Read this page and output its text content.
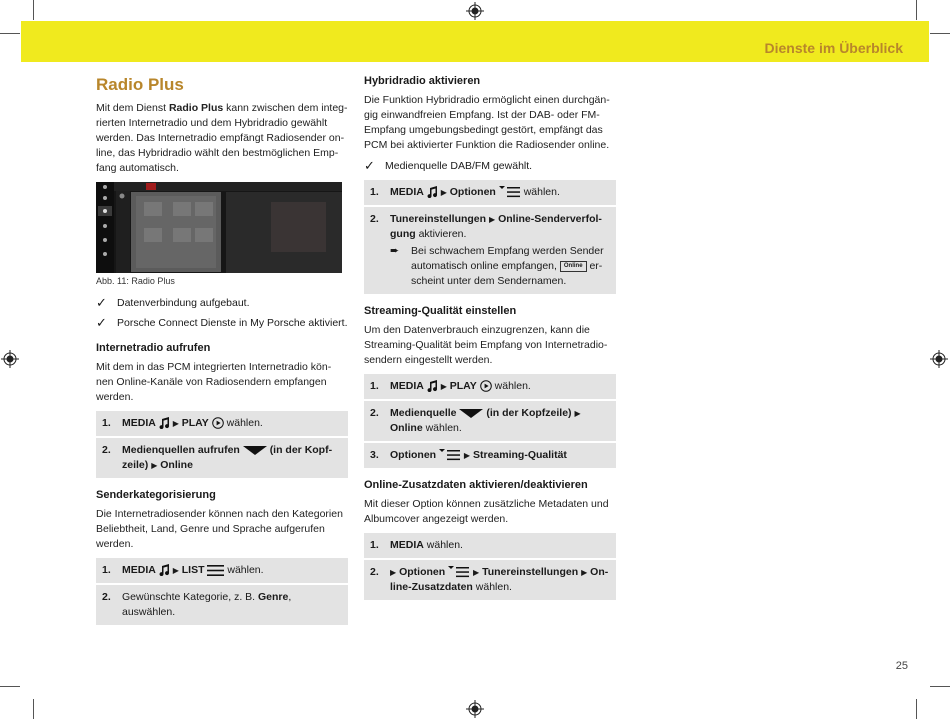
Dienste im Überblick
Radio Plus

Mit dem Dienst Radio Plus kann zwischen dem integ-rierten Internetradio und dem Hybridradio gewählt werden. Das Internetradio empfängt Radiosender on-line, das Hybridradio wählt den bestmöglichen Emp-fang automatisch.

Abb. 11: Radio Plus
✓ Datenverbindung aufgebaut.
✓ Porsche Connect Dienste in My Porsche aktiviert.
Internetradio aufrufen

Mit dem in das PCM integrierten Internetradio kön-nen Online-Kanäle von Radiosendern empfangen werden.

1.	MEDIA ▶ PLAY wählen.
2.	Medienquellen aufrufen	(in der Kopf-zeile) ▶ Online
Senderkategorisierung

Die Internetradiosender können nach den Kategorien Beliebtheit, Land, Genre und Sprache aufgerufen werden.

1.	MEDIA ▶ LIST wählen.
2.	Gewünschte Kategorie, z. B. Genre, auswählen.
Hybridradio aktivieren

Die Funktion Hybridradio ermöglicht einen durchgän-gig einwandfreien Empfang. Ist der DAB- oder FM-Empfang umgebungsbedingt gestört, empfängt das PCM bei aktivierter Funktion die Radiosender online.

✓ Medienquelle DAB/FM gewählt.
1.	MEDIA ▶ Optionen	wählen.
2.	Tunereinstellungen ▶ Online-Senderverfol-gung aktivieren.
➨	Bei schwachem Empfang werden Sender automatisch online empfangen, Online er-scheint unter dem Sendernamen.
Streaming-Qualität einstellen

Um den Datenverbrauch einzugrenzen, kann die Streaming-Qualität beim Empfang von Internetradio-sendern eingestellt werden.

1.	MEDIA ▶ PLAY wählen.
2.	Medienquelle	(in der Kopfzeile) ▶ Online wählen.
3.	Optionen	▶ Streaming-Qualität
Online-Zusatzdaten aktivieren/deaktivieren

Mit dieser Option können zusätzliche Metadaten und Albumcover angezeigt werden.

1.	MEDIA wählen.
2.	▶ Optionen	▶ Tunereinstellungen ▶ On-line-Zusatzdaten wählen.
25
